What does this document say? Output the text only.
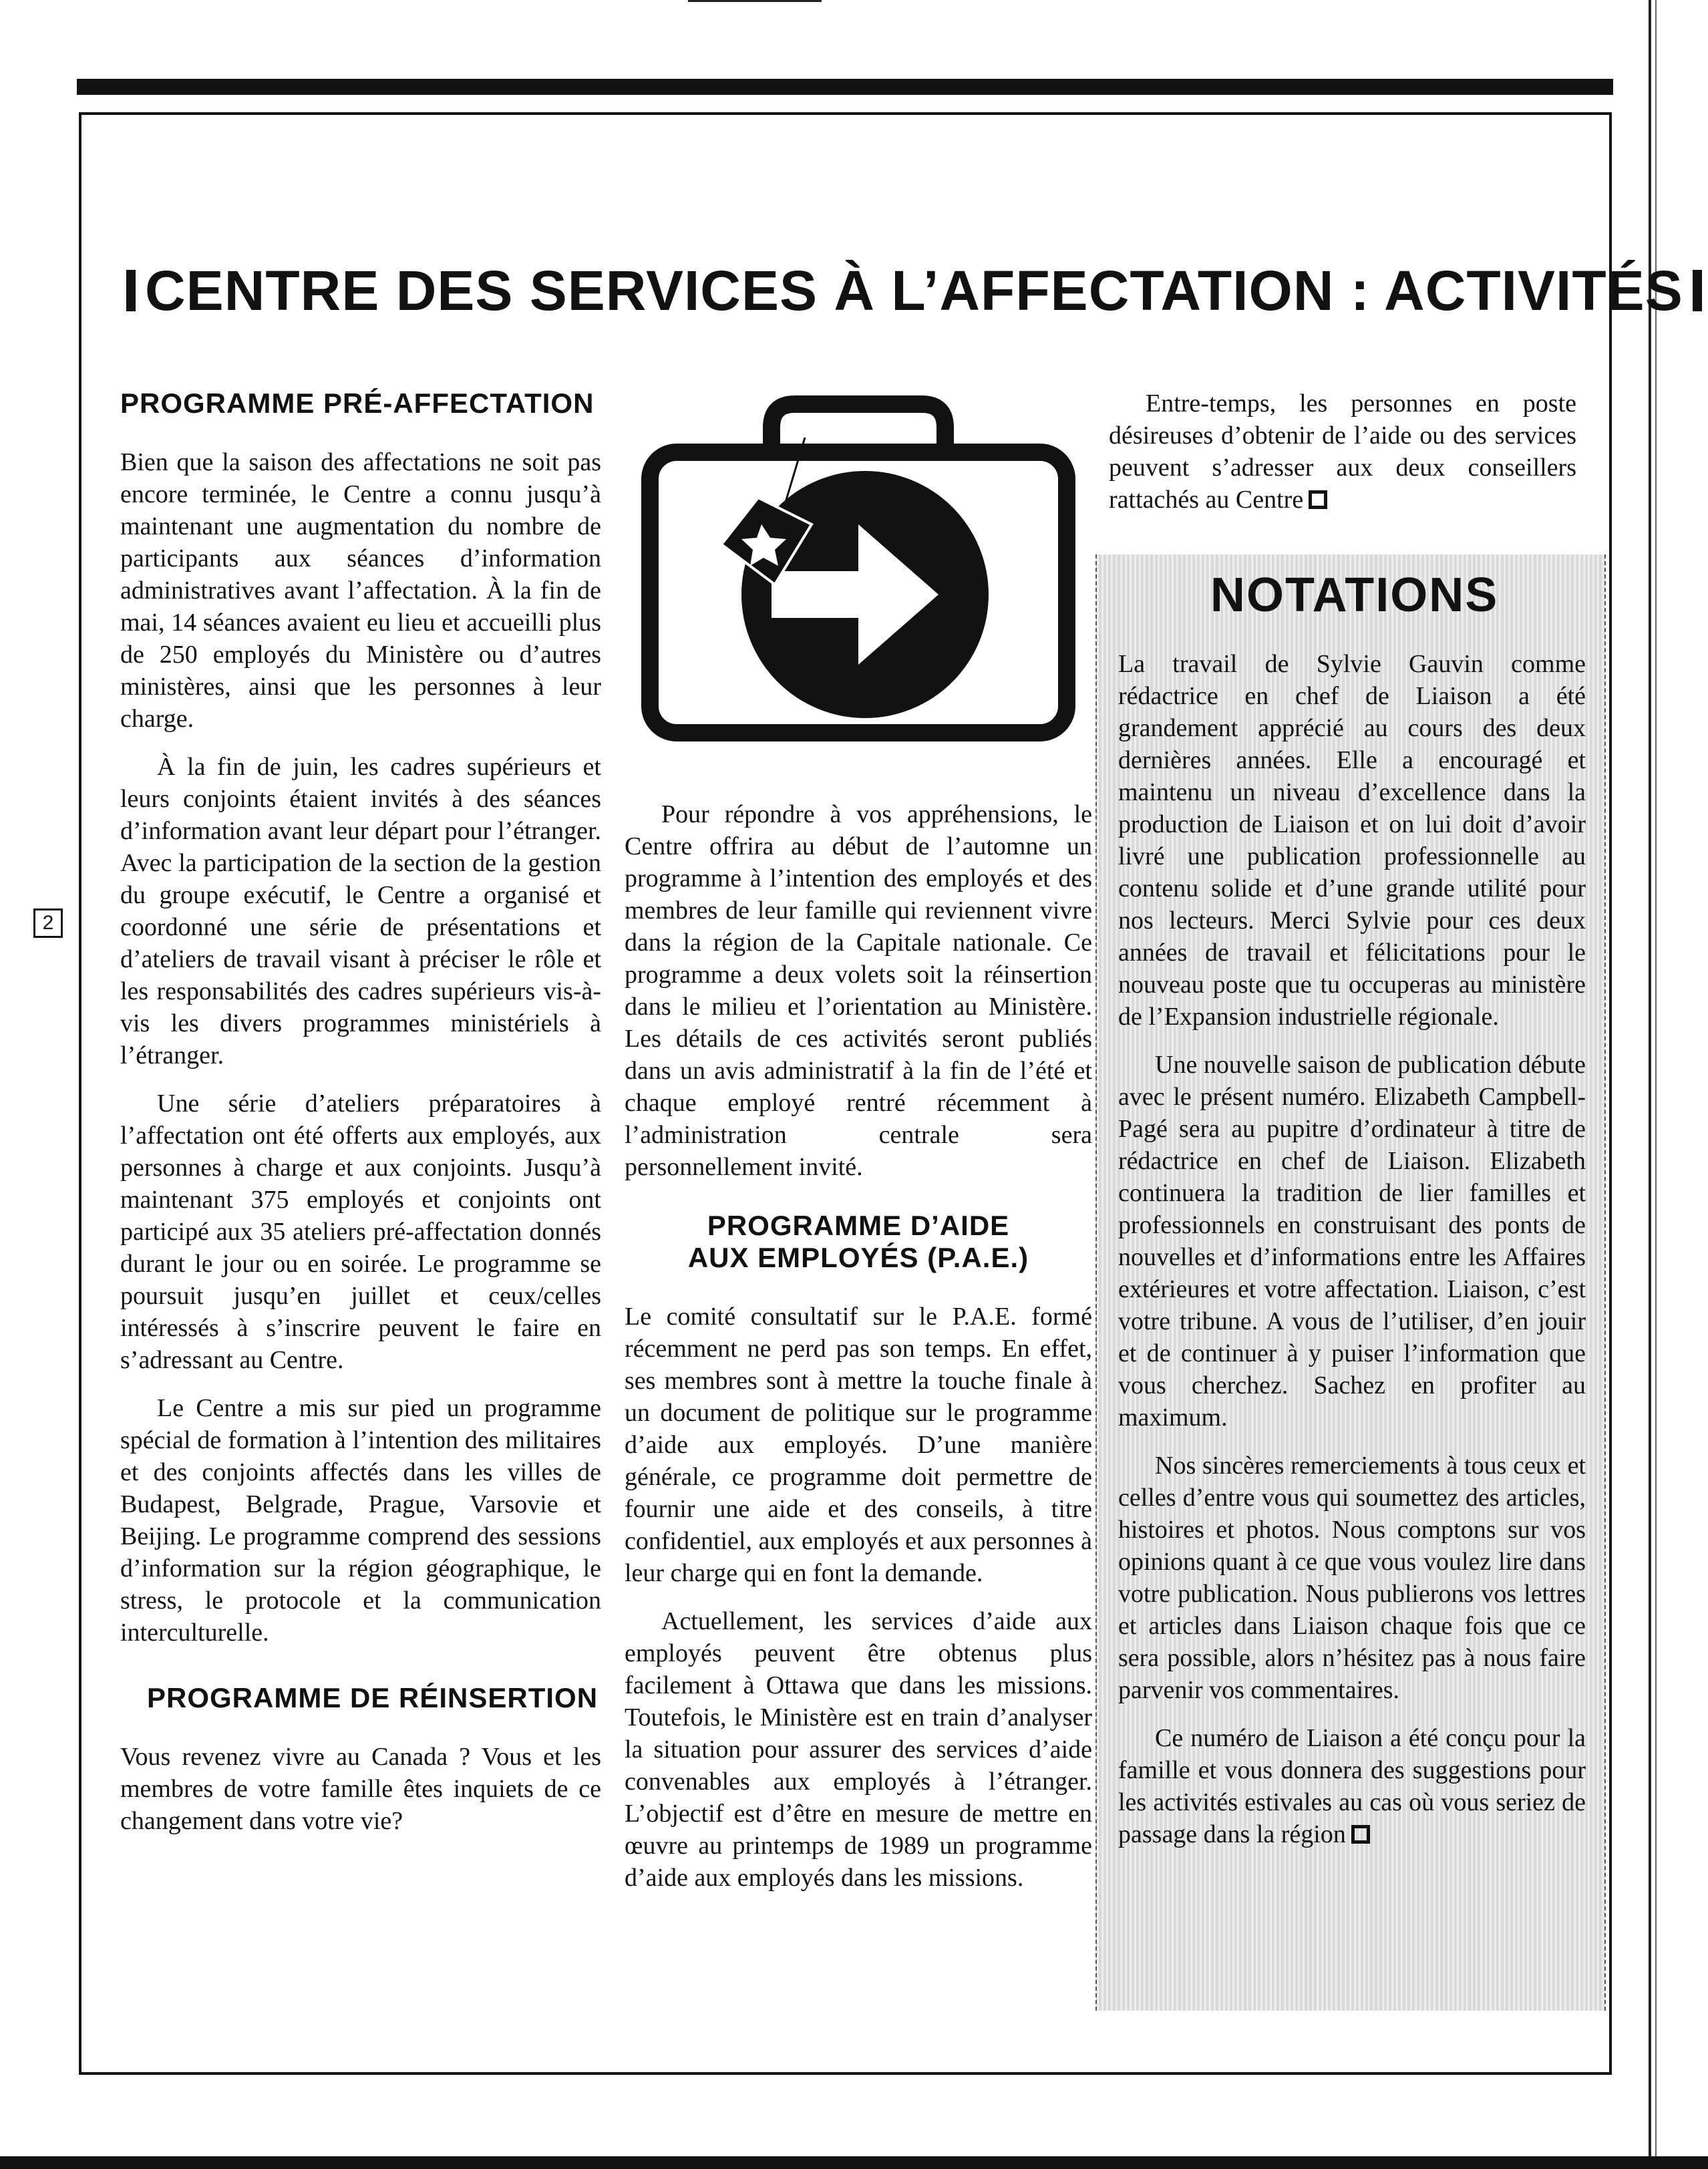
2
CENTRE DES SERVICES À L’AFFECTATION : ACTIVITÉS
PROGRAMME PRÉ-AFFECTATION

Bien que la saison des affectations ne soit pas encore terminée, le Centre a connu jusqu’à maintenant une augmentation du nombre de participants aux séances d’information administratives avant l’affectation. À la fin de mai, 14 séances avaient eu lieu et accueilli plus de 250 employés du Ministère ou d’autres ministères, ainsi que les personnes à leur charge.

À la fin de juin, les cadres supérieurs et leurs conjoints étaient invités à des séances d’information avant leur départ pour l’étranger. Avec la participation de la section de la gestion du groupe exécutif, le Centre a organisé et coordonné une série de présentations et d’ateliers de travail visant à préciser le rôle et les responsabilités des cadres supérieurs vis-à-vis les divers programmes ministériels à l’étranger.

Une série d’ateliers préparatoires à l’affectation ont été offerts aux employés, aux personnes à charge et aux conjoints. Jusqu’à maintenant 375 employés et conjoints ont participé aux 35 ateliers pré-affectation donnés durant le jour ou en soirée. Le programme se poursuit jusqu’en juillet et ceux/celles intéressés à s’inscrire peuvent le faire en s’adressant au Centre.

Le Centre a mis sur pied un programme spécial de formation à l’intention des militaires et des conjoints affectés dans les villes de Budapest, Belgrade, Prague, Varsovie et Beijing. Le programme comprend des sessions d’information sur la région géographique, le stress, le protocole et la communication interculturelle.

PROGRAMME DE RÉINSERTION

Vous revenez vivre au Canada ? Vous et les membres de votre famille êtes inquiets de ce changement dans votre vie?

Pour répondre à vos appréhensions, le Centre offrira au début de l’automne un programme à l’intention des employés et des membres de leur famille qui reviennent vivre dans la région de la Capitale nationale. Ce programme a deux volets soit la réinsertion dans le milieu et l’orientation au Ministère. Les détails de ces activités seront publiés dans un avis administratif à la fin de l’été et chaque employé rentré récemment à l’administration centrale sera personnellement invité.

PROGRAMME D’AIDE
AUX EMPLOYÉS (P.A.E.)

Le comité consultatif sur le P.A.E. formé récemment ne perd pas son temps. En effet, ses membres sont à mettre la touche finale à un document de politique sur le programme d’aide aux employés. D’une manière générale, ce programme doit permettre de fournir une aide et des conseils, à titre confidentiel, aux employés et aux personnes à leur charge qui en font la demande.

Actuellement, les services d’aide aux employés peuvent être obtenus plus facilement à Ottawa que dans les missions. Toutefois, le Ministère est en train d’analyser la situation pour assurer des services d’aide convenables aux employés à l’étranger. L’objectif est d’être en mesure de mettre en œuvre au printemps de 1989 un programme d’aide aux employés dans les missions.

Entre-temps, les personnes en poste désireuses d’obtenir de l’aide ou des services peuvent s’adresser aux deux conseillers rattachés au Centre

NOTATIONS

La travail de Sylvie Gauvin comme rédactrice en chef de Liaison a été grandement apprécié au cours des deux dernières années. Elle a encouragé et maintenu un niveau d’excellence dans la production de Liaison et on lui doit d’avoir livré une publication professionnelle au contenu solide et d’une grande utilité pour nos lecteurs. Merci Sylvie pour ces deux années de travail et félicitations pour le nouveau poste que tu occuperas au ministère de l’Expansion industrielle régionale.

Une nouvelle saison de publication débute avec le présent numéro. Elizabeth Campbell-Pagé sera au pupitre d’ordinateur à titre de rédactrice en chef de Liaison. Elizabeth continuera la tradition de lier familles et professionnels en construisant des ponts de nouvelles et d’informations entre les Affaires extérieures et votre affectation. Liaison, c’est votre tribune. A vous de l’utiliser, d’en jouir et de continuer à y puiser l’information que vous cherchez. Sachez en profiter au maximum.

Nos sincères remerciements à tous ceux et celles d’entre vous qui soumettez des articles, histoires et photos. Nous comptons sur vos opinions quant à ce que vous voulez lire dans votre publication. Nous publierons vos lettres et articles dans Liaison chaque fois que ce sera possible, alors n’hésitez pas à nous faire parvenir vos commentaires.

Ce numéro de Liaison a été conçu pour la famille et vous donnera des suggestions pour les activités estivales au cas où vous seriez de passage dans la région
